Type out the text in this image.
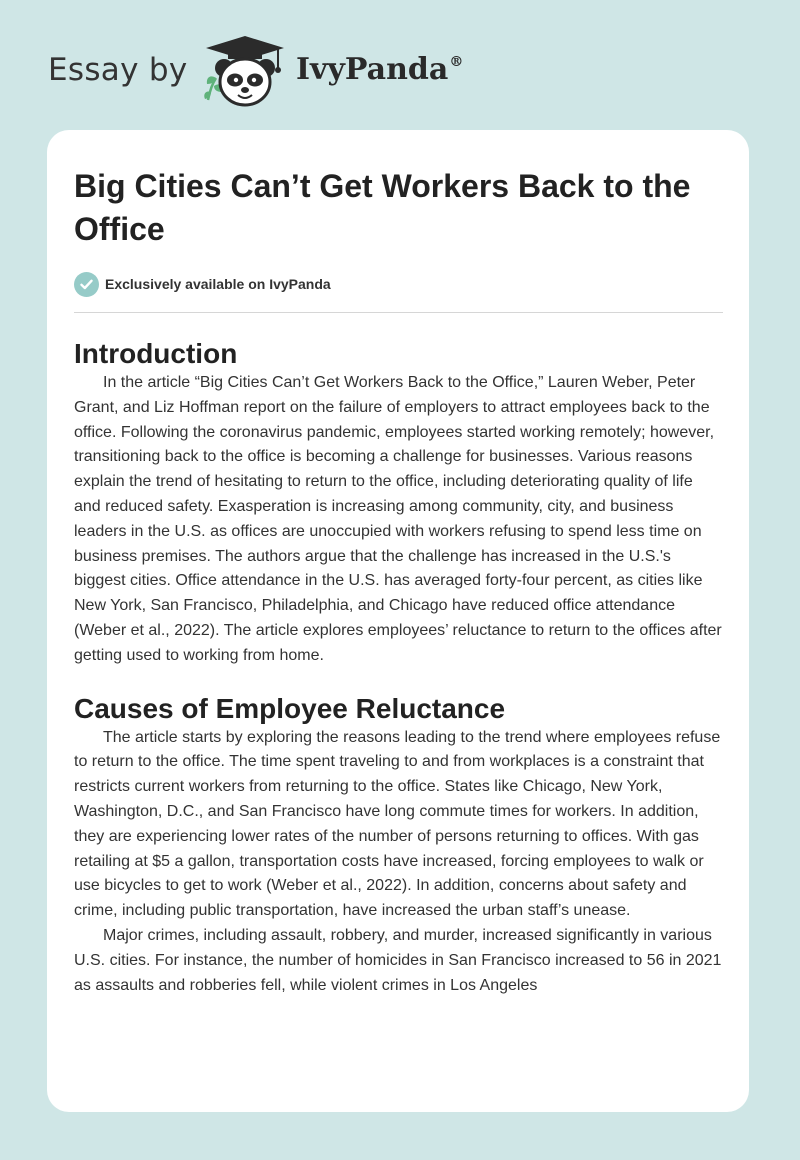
Essay by	IvyPanda®
Big Cities Can’t Get Workers Back to the Office
Exclusively available on IvyPanda
Introduction

In the article “Big Cities Can’t Get Workers Back to the Office,” Lauren Weber, Peter Grant, and Liz Hoffman report on the failure of employers to attract employees back to the office. Following the coronavirus pandemic, employees started working remotely; however, transitioning back to the office is becoming a challenge for businesses. Various reasons explain the trend of hesitating to return to the office, including deteriorating quality of life and reduced safety. Exasperation is increasing among community, city, and business leaders in the U.S. as offices are unoccupied with workers refusing to spend less time on business premises. The authors argue that the challenge has increased in the U.S.'s biggest cities. Office attendance in the U.S. has averaged forty-four percent, as cities like New York, San Francisco, Philadelphia, and Chicago have reduced office attendance (Weber et al., 2022). The article explores employees’ reluctance to return to the offices after getting used to working from home.

Causes of Employee Reluctance

The article starts by exploring the reasons leading to the trend where employees refuse to return to the office. The time spent traveling to and from workplaces is a constraint that restricts current workers from returning to the office. States like Chicago, New York, Washington, D.C., and San Francisco have long commute times for workers. In addition, they are experiencing lower rates of the number of persons returning to offices. With gas retailing at $5 a gallon, transportation costs have increased, forcing employees to walk or use bicycles to get to work (Weber et al., 2022). In addition, concerns about safety and crime, including public transportation, have increased the urban staff’s unease.

Major crimes, including assault, robbery, and murder, increased significantly in various U.S. cities. For instance, the number of homicides in San Francisco increased to 56 in 2021 as assaults and robberies fell, while violent crimes in Los Angeles
